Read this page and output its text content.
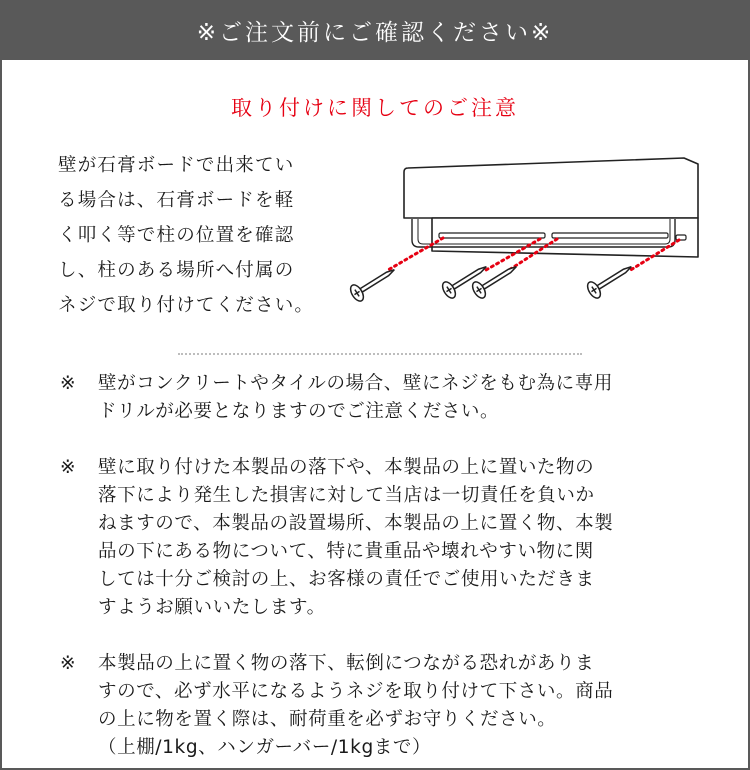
※ご注文前にご確認ください※
取り付けに関してのご注意
壁が石膏ボードで出来てい
る場合は、石膏ボードを軽
く叩く等で柱の位置を確認
し、柱のある場所へ付属の
ネジで取り付けてください。
※	壁がコンクリートやタイルの場合、壁にネジをもむ為に専用
ドリルが必要となりますのでご注意ください。
※	壁に取り付けた本製品の落下や、本製品の上に置いた物の
落下により発生した損害に対して当店は一切責任を負いか
ねますので、本製品の設置場所、本製品の上に置く物、本製
品の下にある物について、特に貴重品や壊れやすい物に関
しては十分ご検討の上、お客様の責任でご使用いただきま
すようお願いいたします。
※	本製品の上に置く物の落下、転倒につながる恐れがありま
すので、必ず水平になるようネジを取り付けて下さい。商品
の上に物を置く際は、耐荷重を必ずお守りください。
（上棚/1kg、ハンガーバー/1kgまで）
